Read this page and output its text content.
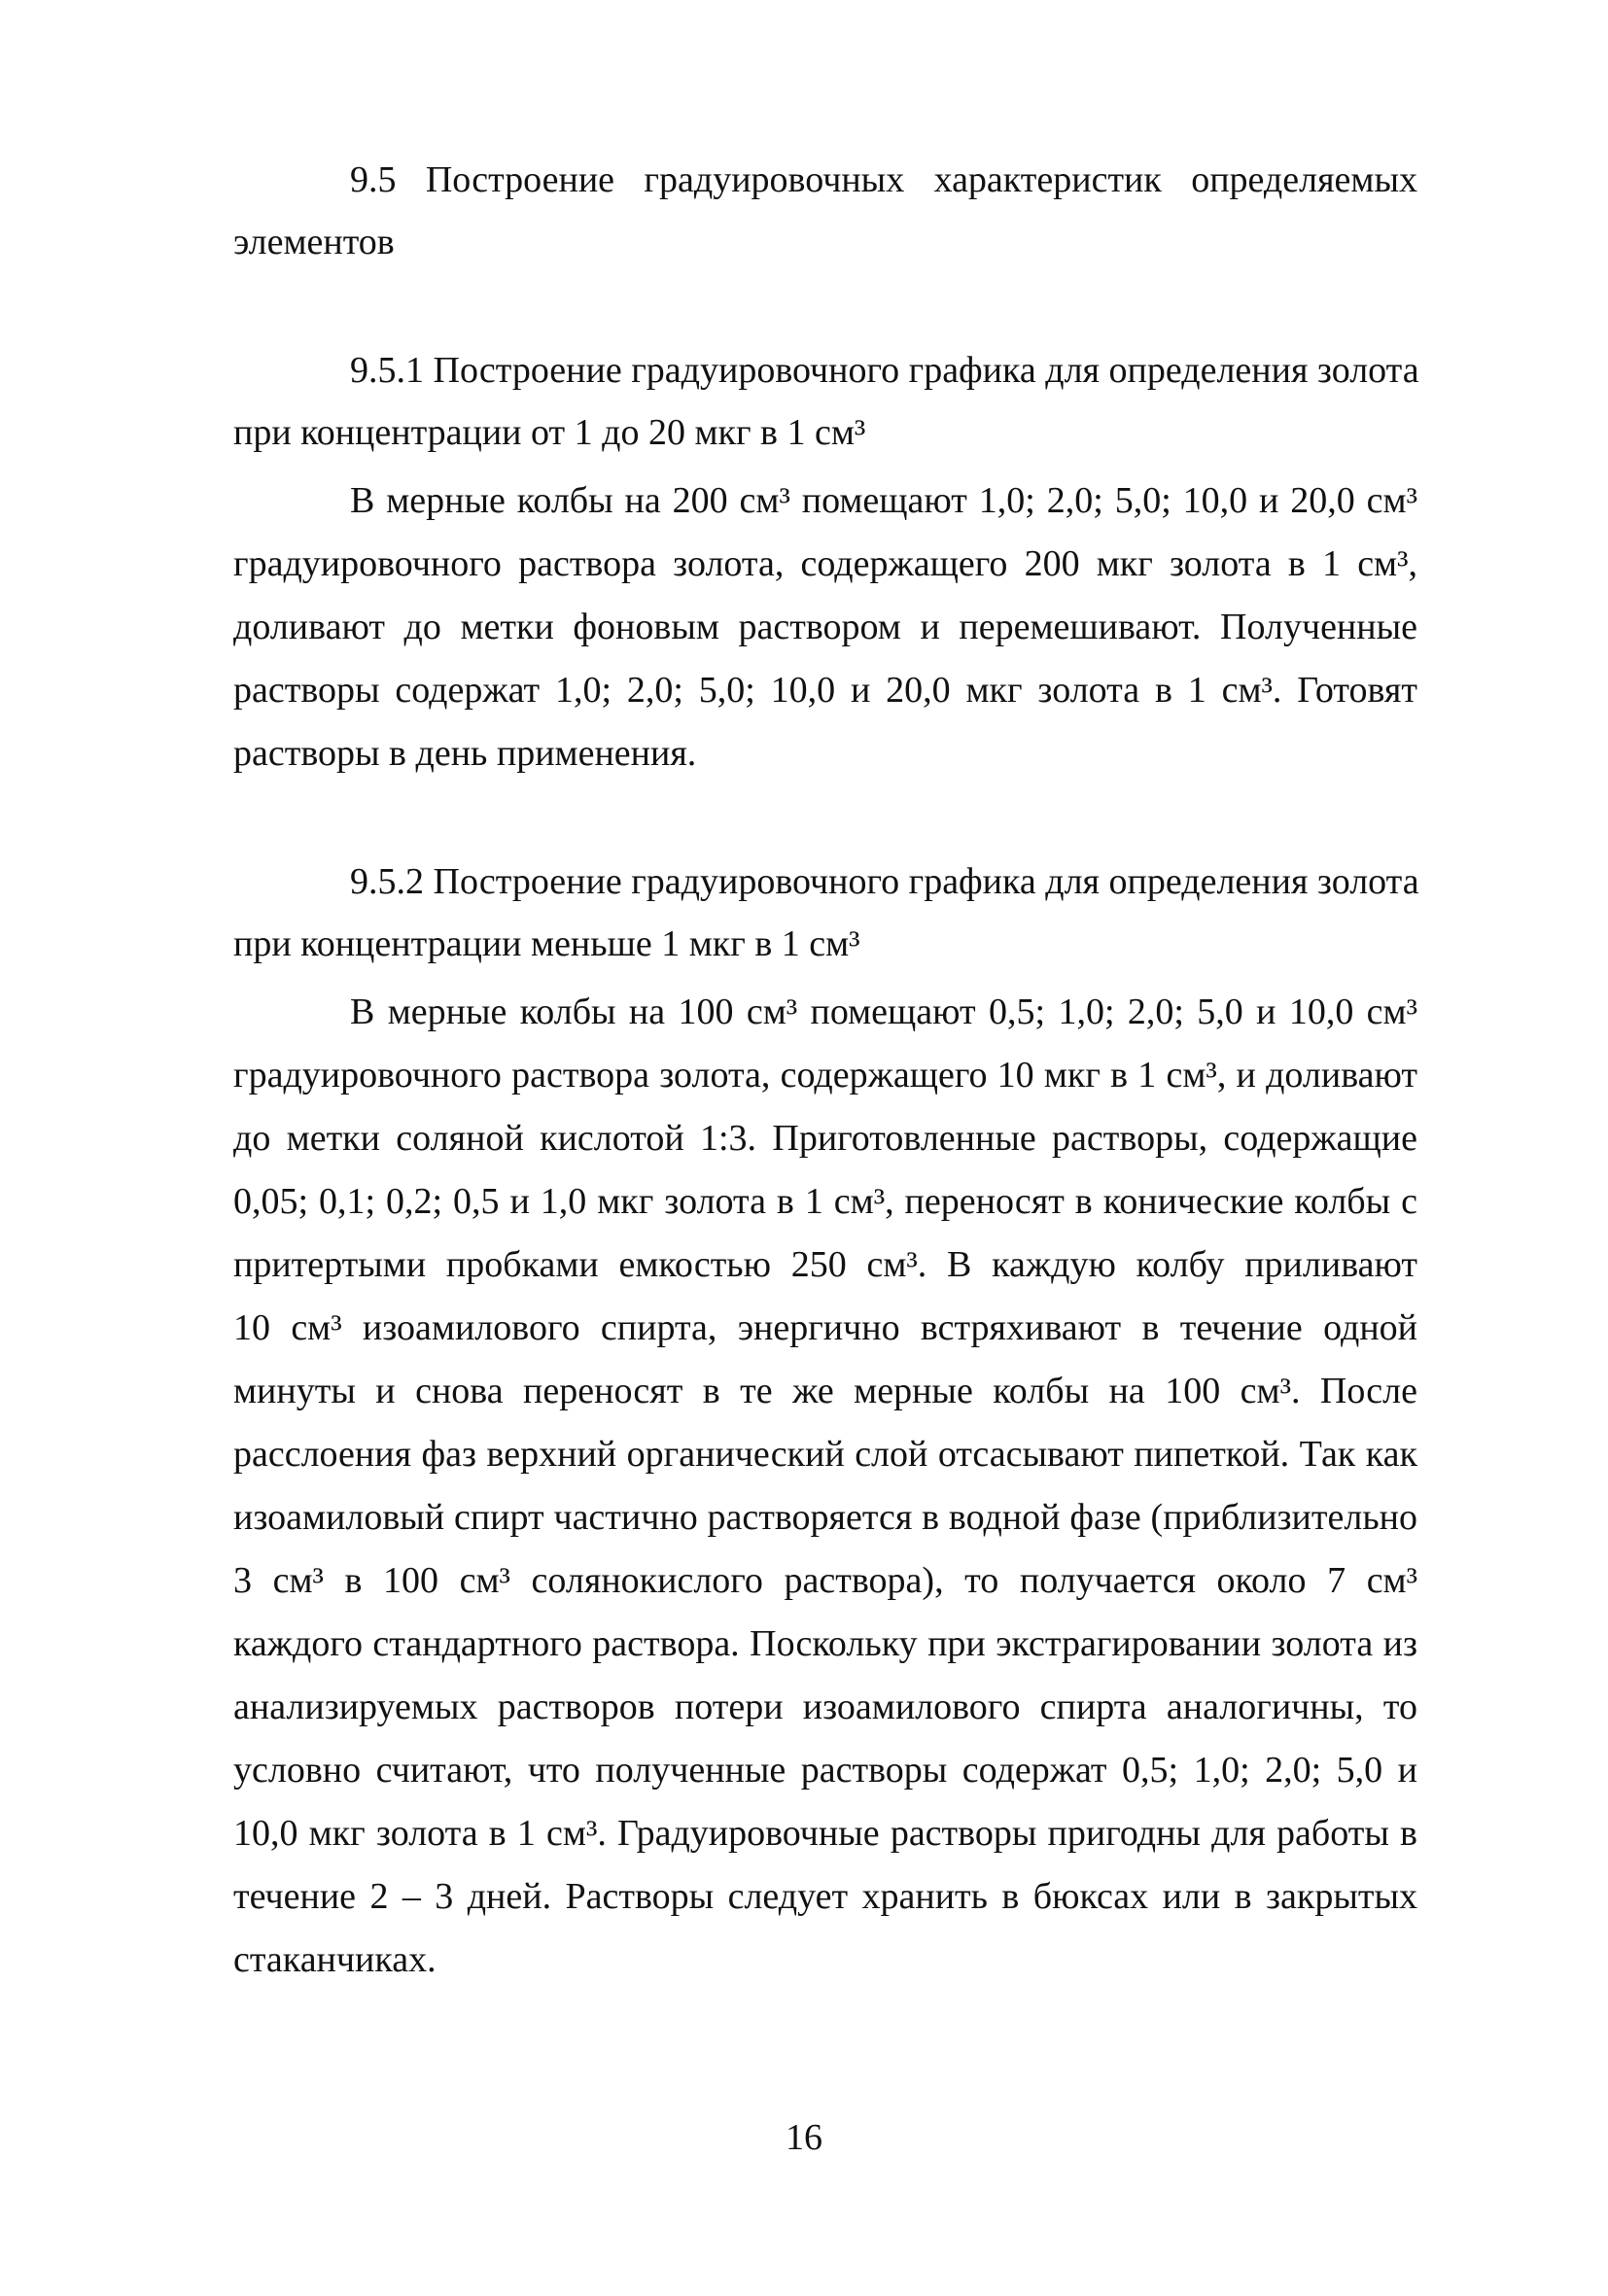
9.5 Построение градуировочных характеристик определяемых
элементов
9.5.1 Построение градуировочного графика для определения золота
при концентрации от 1 до 20 мкг в 1 см³
В мерные колбы на 200 см³ помещают 1,0; 2,0; 5,0; 10,0 и 20,0 см³
градуировочного раствора золота, содержащего 200 мкг золота в 1 см³,
доливают до метки фоновым раствором и перемешивают. Полученные
растворы содержат 1,0; 2,0; 5,0; 10,0 и 20,0 мкг золота в 1 см³. Готовят
растворы в день применения.
9.5.2 Построение градуировочного графика для определения золота
при концентрации меньше 1 мкг в 1 см³
В мерные колбы на 100 см³ помещают 0,5; 1,0; 2,0; 5,0 и 10,0 см³
градуировочного раствора золота, содержащего 10 мкг в 1 см³, и доливают
до метки соляной кислотой 1:3. Приготовленные растворы, содержащие
0,05; 0,1; 0,2; 0,5 и 1,0 мкг золота в 1 см³, переносят в конические колбы с
притертыми пробками емкостью 250 см³. В каждую колбу приливают
10 см³ изоамилового спирта, энергично встряхивают в течение одной
минуты и снова переносят в те же мерные колбы на 100 см³. После
расслоения фаз верхний органический слой отсасывают пипеткой. Так как
изоамиловый спирт частично растворяется в водной фазе (приблизительно
3 см³ в 100 см³ солянокислого раствора), то получается около 7 см³
каждого стандартного раствора. Поскольку при экстрагировании золота из
анализируемых растворов потери изоамилового спирта аналогичны, то
условно считают, что полученные растворы содержат 0,5; 1,0; 2,0; 5,0 и
10,0 мкг золота в 1 см³. Градуировочные растворы пригодны для работы в
течение 2 – 3 дней. Растворы следует хранить в бюксах или в закрытых
стаканчиках.
16
